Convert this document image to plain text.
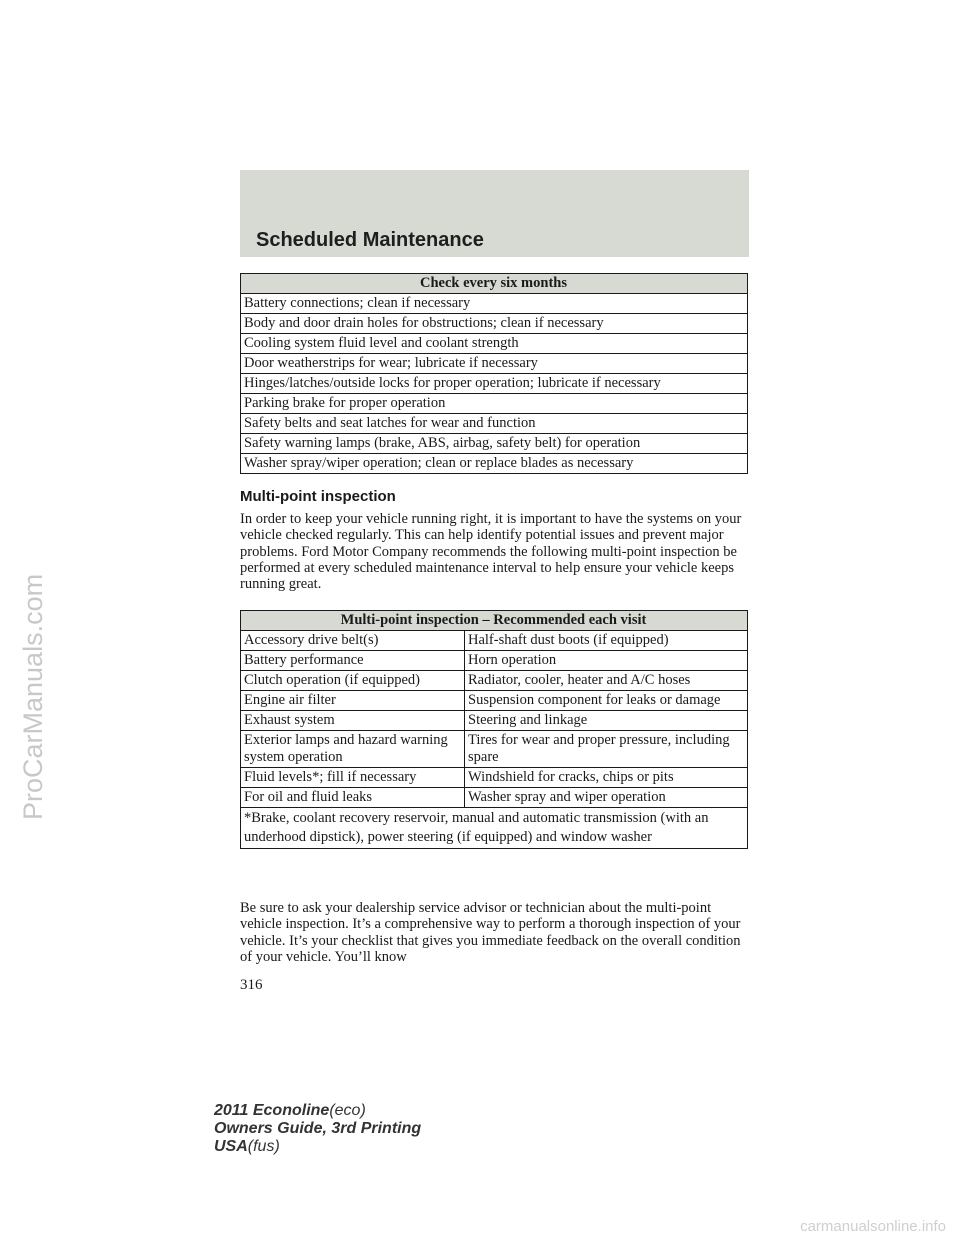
ProCarManuals.com
carmanualsonline.info
Scheduled Maintenance
Check every six months
Battery connections; clean if necessary
Body and door drain holes for obstructions; clean if necessary
Cooling system fluid level and coolant strength
Door weatherstrips for wear; lubricate if necessary
Hinges/latches/outside locks for proper operation; lubricate if necessary
Parking brake for proper operation
Safety belts and seat latches for wear and function
Safety warning lamps (brake, ABS, airbag, safety belt) for operation
Washer spray/wiper operation; clean or replace blades as necessary
Multi-point inspection

In order to keep your vehicle running right, it is important to have the systems on your vehicle checked regularly. This can help identify potential issues and prevent major problems. Ford Motor Company recommends the following multi-point inspection be performed at every scheduled maintenance interval to help ensure your vehicle keeps running great.

Multi-point inspection – Recommended each visit	
Accessory drive belt(s)	Half-shaft dust boots (if equipped)
Battery performance	Horn operation
Clutch operation (if equipped)	Radiator, cooler, heater and A/C hoses
Engine air filter	Suspension component for leaks or damage
Exhaust system	Steering and linkage
Exterior lamps and hazard warning system operation	Tires for wear and proper pressure, including spare
Fluid levels*; fill if necessary	Windshield for cracks, chips or pits
For oil and fluid leaks	Washer spray and wiper operation
*Brake, coolant recovery reservoir, manual and automatic transmission (with an underhood dipstick), power steering (if equipped) and window washer	

Be sure to ask your dealership service advisor or technician about the multi-point vehicle inspection. It’s a comprehensive way to perform a thorough inspection of your vehicle. It’s your checklist that gives you immediate feedback on the overall condition of your vehicle. You’ll know

316
2011 Econoline(eco)
Owners Guide, 3rd Printing
USA(fus)
